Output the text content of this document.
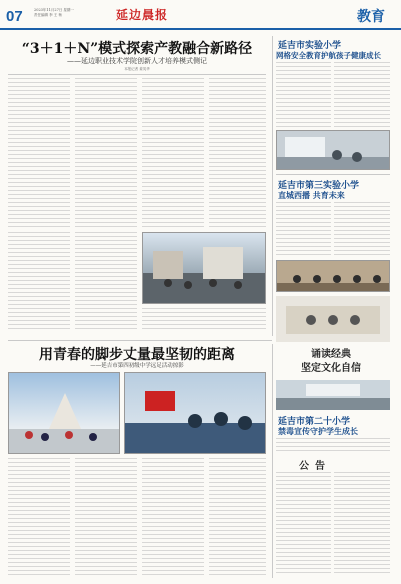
07	2023年11月27日 星期一
责任编辑 李 王 杨	延边晨报	教育
“3＋1＋N”模式探索产教融合新路径
——延边职业技术学院创新人才培养模式侧记
本报记者 姜英华
延吉市实验小学
网格安全教育护航孩子健康成长
延吉市第三实验小学
直城西播 共育未来
诵读经典
坚定文化自信
延吉市第二十小学
禁毒宣传守护学生成长
用青春的脚步丈量最坚韧的距离
——延吉市第四初级中学远足活动掠影
公告
